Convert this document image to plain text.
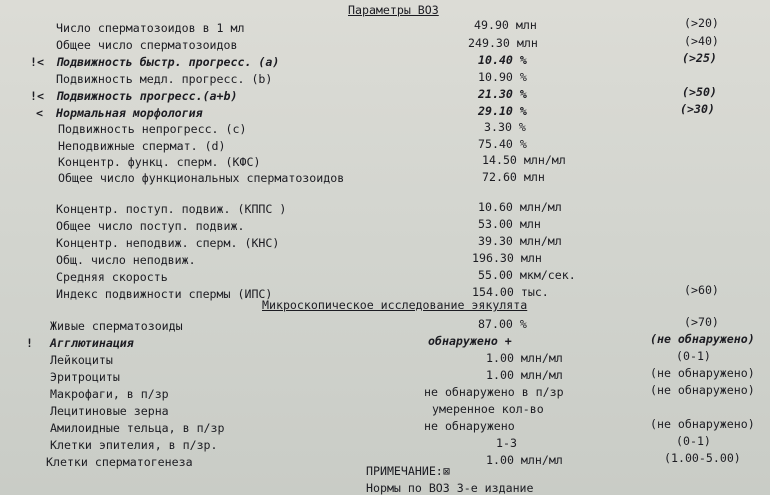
Параметры ВОЗ
Число сперматозоидов в 1 мл	49.90 млн	(>20)
Общее число сперматозоидов	249.30 млн	(>40)
!< Подвижность быстр. прогресс. (a)	10.40 %	(>25)
Подвижность медл. прогресс. (b)	10.90 %
!< Подвижность прогресс.(a+b)	21.30 %	(>50)
< Нормальная морфология	29.10 %	(>30)
Подвижность непрогресс. (c)	3.30 %
Неподвижные спермат. (d)	75.40 %
Концентр. функц. сперм. (КФС)	14.50 млн/мл
Общее число функциональных сперматозоидов	72.60 млн
Концентр. поступ. подвиж. (КППС )	10.60 млн/мл
Общее число поступ. подвиж.	53.00 млн
Концентр. неподвиж. сперм. (КНС)	39.30 млн/мл
Общ. число неподвиж.	196.30 млн
Средняя скорость	55.00 мкм/сек.
Индекс подвижности спермы (ИПС)	154.00 тыс.	(>60)
Микроскопическое исследование эякулята
Живые сперматозоиды	87.00 %	(>70)
! Агглютинация	обнаружено +	(не обнаружено)
Лейкоциты	1.00 млн/мл	(0-1)
Эритроциты	1.00 млн/мл	(не обнаружено)
Макрофаги, в п/зр	не обнаружено в п/зр	(не обнаружено)
Лецитиновые зерна	умеренное кол-во
Амилоидные тельца, в п/зр	не обнаружено	(не обнаружено)
Клетки эпителия, в п/зр.	1-3	(0-1)
Клетки сперматогенеза	1.00 млн/мл	(1.00-5.00)
ПРИМЕЧАНИЕ: ⊠
Нормы по ВОЗ 3-е издание
